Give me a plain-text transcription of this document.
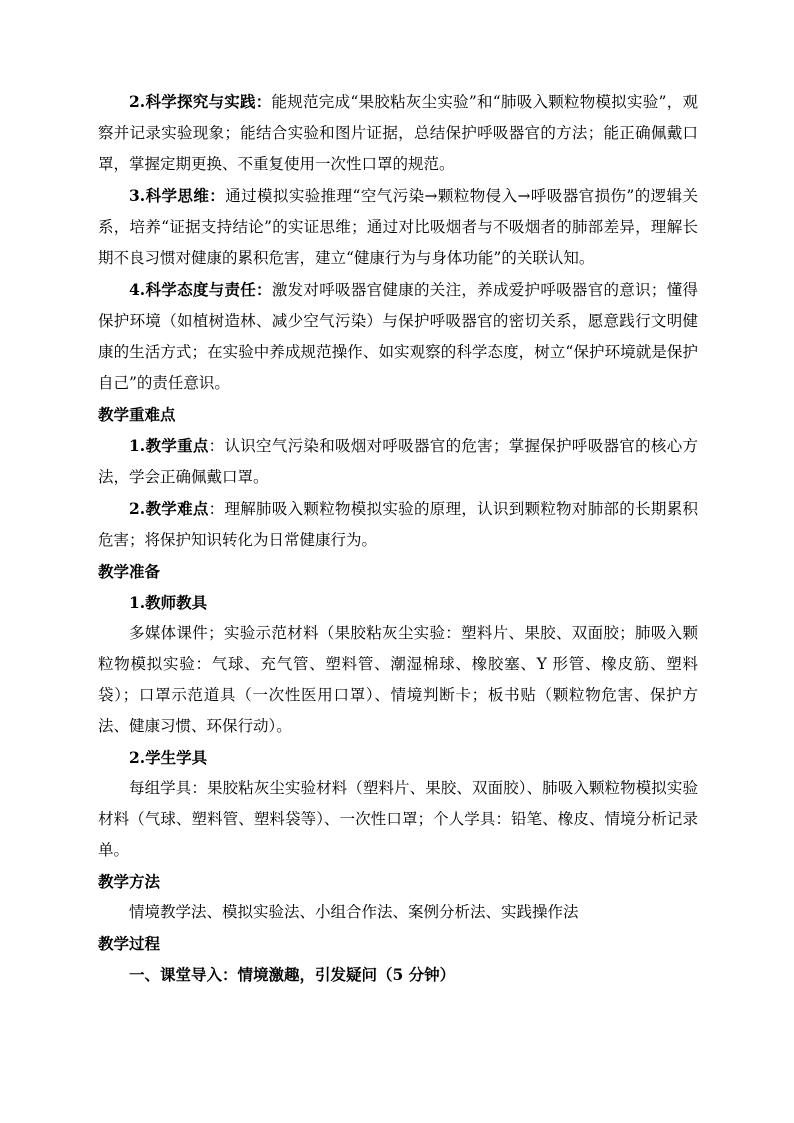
2.科学探究与实践：能规范完成“果胶粘灰尘实验”和“肺吸入颗粒物模拟实验”，观察并记录实验现象；能结合实验和图片证据，总结保护呼吸器官的方法；能正确佩戴口罩，掌握定期更换、不重复使用一次性口罩的规范。

3.科学思维：通过模拟实验推理“空气污染→颗粒物侵入→呼吸器官损伤”的逻辑关系，培养“证据支持结论”的实证思维；通过对比吸烟者与不吸烟者的肺部差异，理解长期不良习惯对健康的累积危害，建立“健康行为与身体功能”的关联认知。

4.科学态度与责任：激发对呼吸器官健康的关注，养成爱护呼吸器官的意识；懂得保护环境（如植树造林、减少空气污染）与保护呼吸器官的密切关系，愿意践行文明健康的生活方式；在实验中养成规范操作、如实观察的科学态度，树立“保护环境就是保护自己”的责任意识。

教学重难点

1.教学重点：认识空气污染和吸烟对呼吸器官的危害；掌握保护呼吸器官的核心方法，学会正确佩戴口罩。

2.教学难点：理解肺吸入颗粒物模拟实验的原理，认识到颗粒物对肺部的长期累积危害；将保护知识转化为日常健康行为。

教学准备

1.教师教具

多媒体课件；实验示范材料（果胶粘灰尘实验：塑料片、果胶、双面胶；肺吸入颗粒物模拟实验：气球、充气管、塑料管、潮湿棉球、橡胶塞、Y 形管、橡皮筋、塑料袋）；口罩示范道具（一次性医用口罩）、情境判断卡；板书贴（颗粒物危害、保护方法、健康习惯、环保行动）。

2.学生学具

每组学具：果胶粘灰尘实验材料（塑料片、果胶、双面胶）、肺吸入颗粒物模拟实验材料（气球、塑料管、塑料袋等）、一次性口罩；个人学具：铅笔、橡皮、情境分析记录单。

教学方法

情境教学法、模拟实验法、小组合作法、案例分析法、实践操作法

教学过程

一、课堂导入：情境激趣，引发疑问（5 分钟）
